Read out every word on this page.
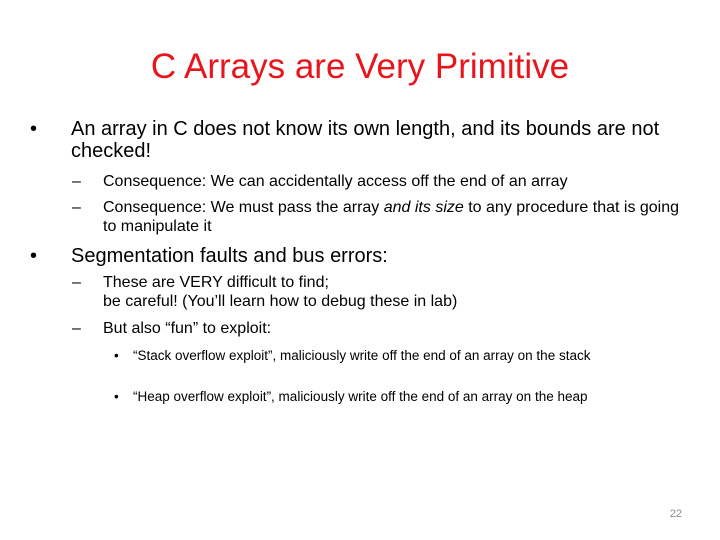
C Arrays are Very Primitive
•	An array in C does not know its own length, and its bounds are not checked!
–	Consequence: We can accidentally access off the end of an array
–	Consequence: We must pass the array and its size to any procedure that is going to manipulate it
•	Segmentation faults and bus errors:
–	These are VERY difficult to find;
be careful! (You’ll learn how to debug these in lab)
–	But also “fun” to exploit:
•	“Stack overflow exploit”, maliciously write off the end of an array on the stack
•	“Heap overflow exploit”, maliciously write off the end of an array on the heap
22
